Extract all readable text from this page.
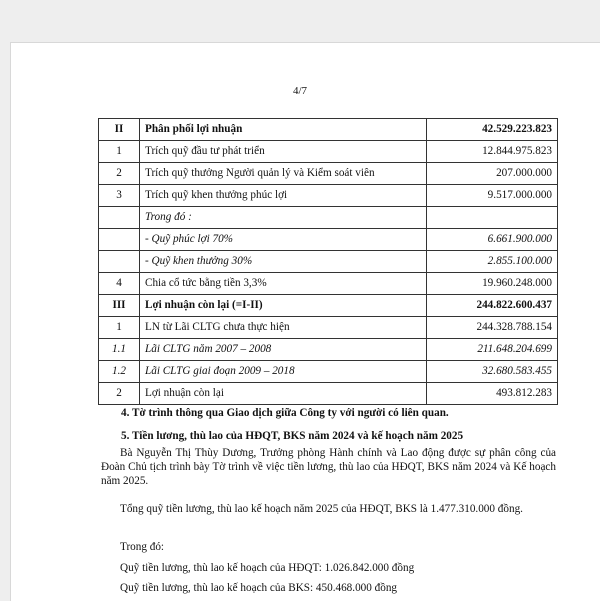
4/7
II	Phân phối lợi nhuận	42.529.223.823
1	Trích quỹ đầu tư phát triển	12.844.975.823
2	Trích quỹ thưởng Người quản lý và Kiểm soát viên	207.000.000
3	Trích quỹ khen thưởng phúc lợi	9.517.000.000
	Trong đó :	
	- Quỹ phúc lợi 70%	6.661.900.000
	- Quỹ khen thưởng 30%	2.855.100.000
4	Chia cổ tức bằng tiền 3,3%	19.960.248.000
III	Lợi nhuận còn lại (=I-II)	244.822.600.437
1	LN từ Lãi CLTG chưa thực hiện	244.328.788.154
1.1	Lãi CLTG năm 2007 – 2008	211.648.204.699
1.2	Lãi CLTG giai đoạn 2009 – 2018	32.680.583.455
2	Lợi nhuận còn lại	493.812.283
4. Tờ trình thông qua Giao dịch giữa Công ty với người có liên quan.
5. Tiền lương, thù lao của HĐQT, BKS năm 2024 và kế hoạch năm 2025
Bà Nguyễn Thị Thùy Dương, Trưởng phòng Hành chính và Lao động được sự phân công của Đoàn Chủ tịch trình bày Tờ trình về việc tiền lương, thù lao của HĐQT, BKS năm 2024 và Kế hoạch năm 2025.
Tổng quỹ tiền lương, thù lao kế hoạch năm 2025 của HĐQT, BKS là 1.477.310.000 đồng.
Trong đó:
Quỹ tiền lương, thù lao kế hoạch của HĐQT: 1.026.842.000 đồng
Quỹ tiền lương, thù lao kế hoạch của BKS: 450.468.000 đồng
